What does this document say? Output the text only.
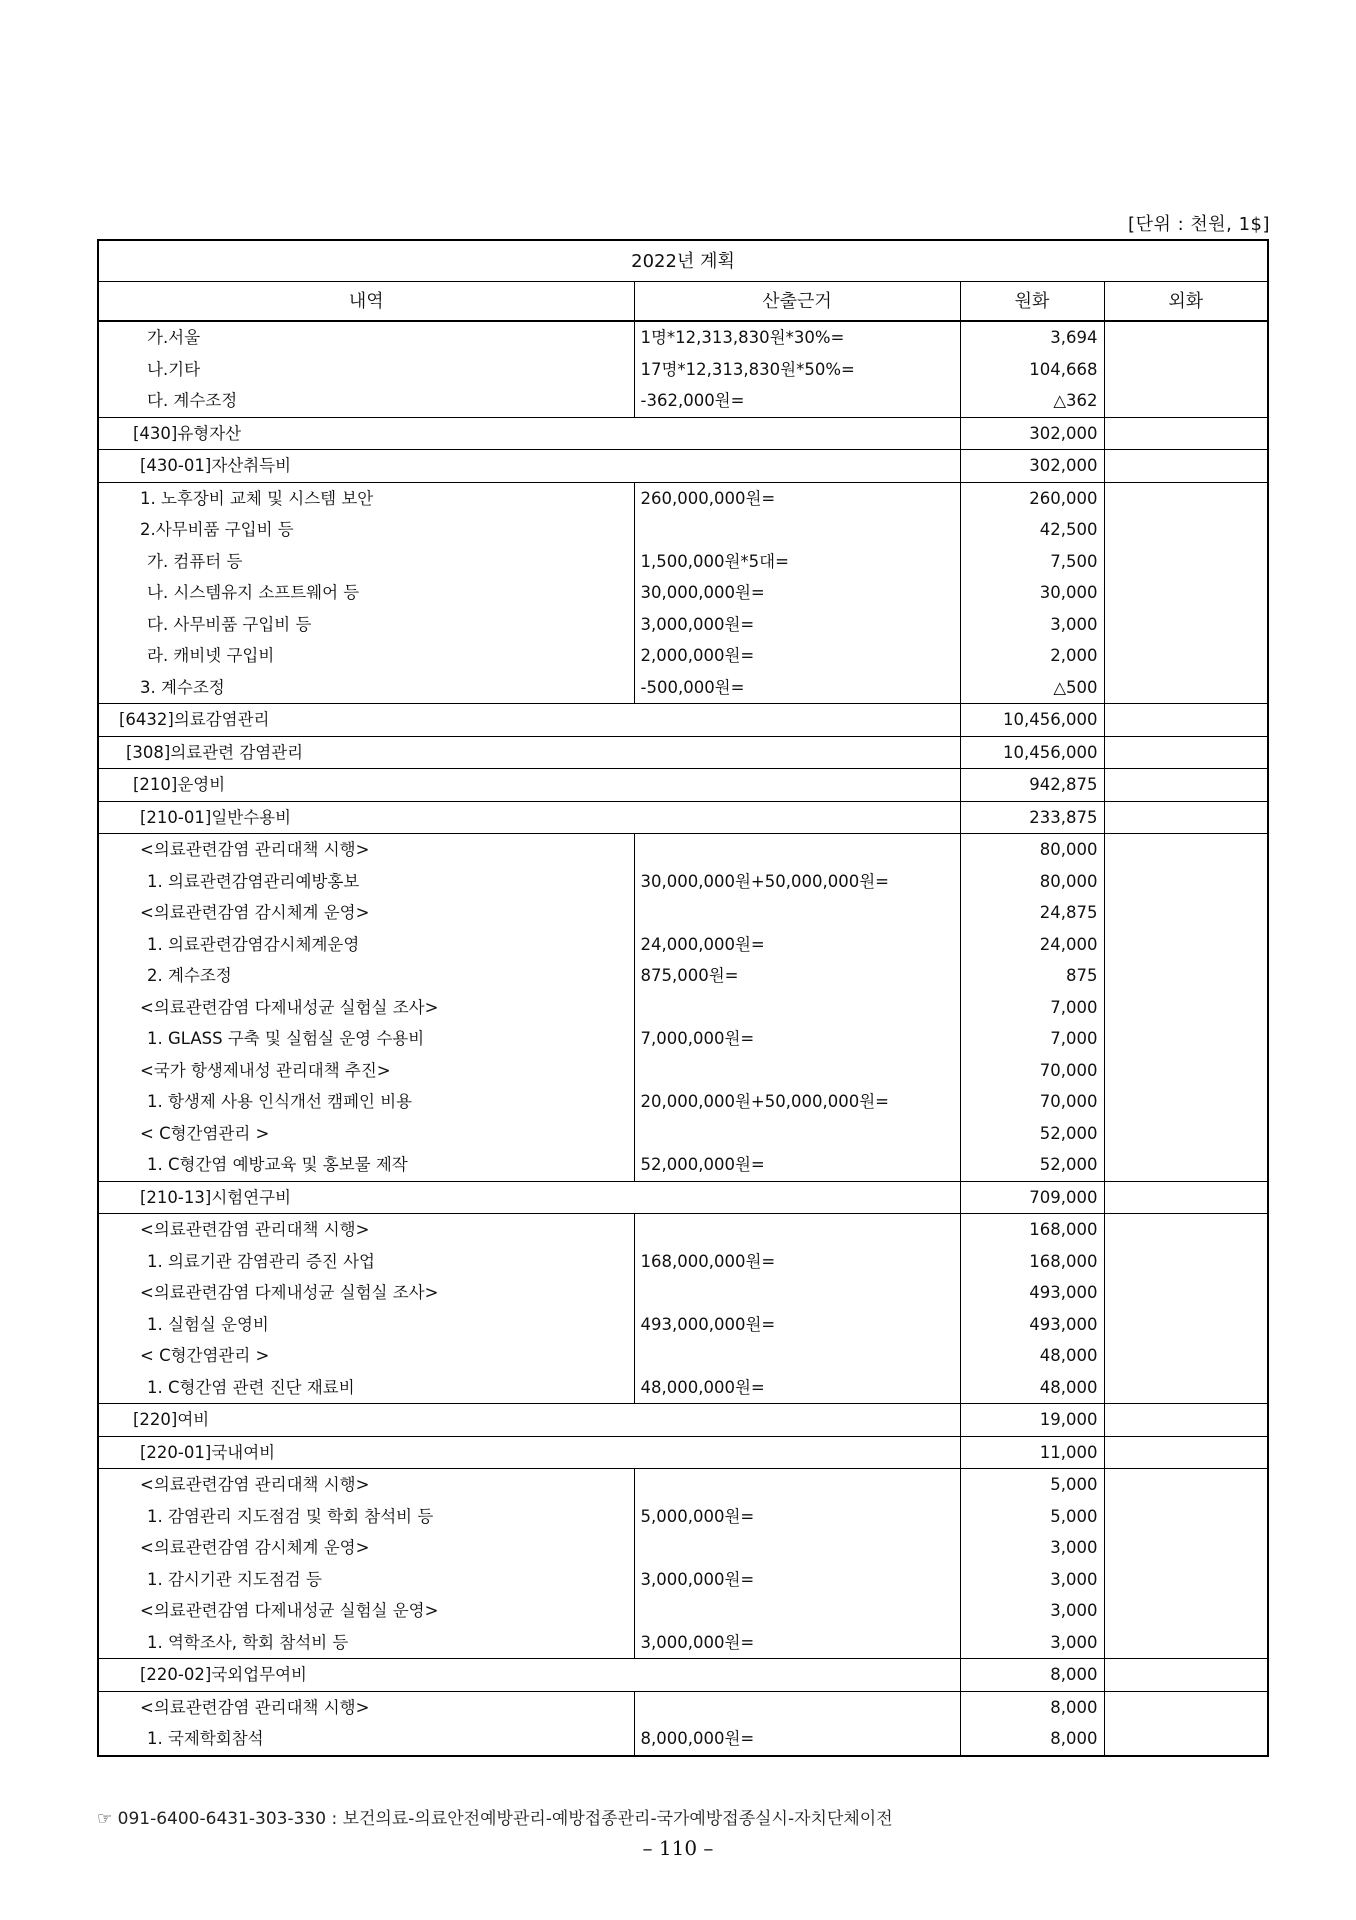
[단위 : 천원, 1$]
2022년 계획			
내역	산출근거	원화	외화
가.서울	1명*12,313,830원*30%=	3,694	
나.기타	17명*12,313,830원*50%=	104,668	
다. 계수조정	-362,000원=	△362	
[430]유형자산		302,000	
[430-01]자산취득비		302,000	
1. 노후장비 교체 및 시스템 보안	260,000,000원=	260,000	
2.사무비품 구입비 등		42,500	
가. 컴퓨터 등	1,500,000원*5대=	7,500	
나. 시스템유지 소프트웨어 등	30,000,000원=	30,000	
다. 사무비품 구입비 등	3,000,000원=	3,000	
라. 캐비넷 구입비	2,000,000원=	2,000	
3. 계수조정	-500,000원=	△500	
[6432]의료감염관리		10,456,000	
[308]의료관련 감염관리		10,456,000	
[210]운영비		942,875	
[210-01]일반수용비		233,875	
<의료관련감염 관리대책 시행>		80,000	
1. 의료관련감염관리예방홍보	30,000,000원+50,000,000원=	80,000	
<의료관련감염 감시체계 운영>		24,875	
1. 의료관련감염감시체계운영	24,000,000원=	24,000	
2. 계수조정	875,000원=	875	
<의료관련감염 다제내성균 실험실 조사>		7,000	
1. GLASS 구축 및 실험실 운영 수용비	7,000,000원=	7,000	
<국가 항생제내성 관리대책 추진>		70,000	
1. 항생제 사용 인식개선 캠페인 비용	20,000,000원+50,000,000원=	70,000	
< C형간염관리 >		52,000	
1. C형간염 예방교육 및 홍보물 제작	52,000,000원=	52,000	
[210-13]시험연구비		709,000	
<의료관련감염 관리대책 시행>		168,000	
1. 의료기관 감염관리 증진 사업	168,000,000원=	168,000	
<의료관련감염 다제내성균 실험실 조사>		493,000	
1. 실험실 운영비	493,000,000원=	493,000	
< C형간염관리 >		48,000	
1. C형간염 관련 진단 재료비	48,000,000원=	48,000	
[220]여비		19,000	
[220-01]국내여비		11,000	
<의료관련감염 관리대책 시행>		5,000	
1. 감염관리 지도점검 및 학회 참석비 등	5,000,000원=	5,000	
<의료관련감염 감시체계 운영>		3,000	
1. 감시기관 지도점검 등	3,000,000원=	3,000	
<의료관련감염 다제내성균 실험실 운영>		3,000	
1. 역학조사, 학회 참석비 등	3,000,000원=	3,000	
[220-02]국외업무여비		8,000	
<의료관련감염 관리대책 시행>		8,000	
1. 국제학회참석	8,000,000원=	8,000	
☞ 091-6400-6431-303-330 : 보건의료-의료안전예방관리-예방접종관리-국가예방접종실시-자치단체이전
– 110 –
